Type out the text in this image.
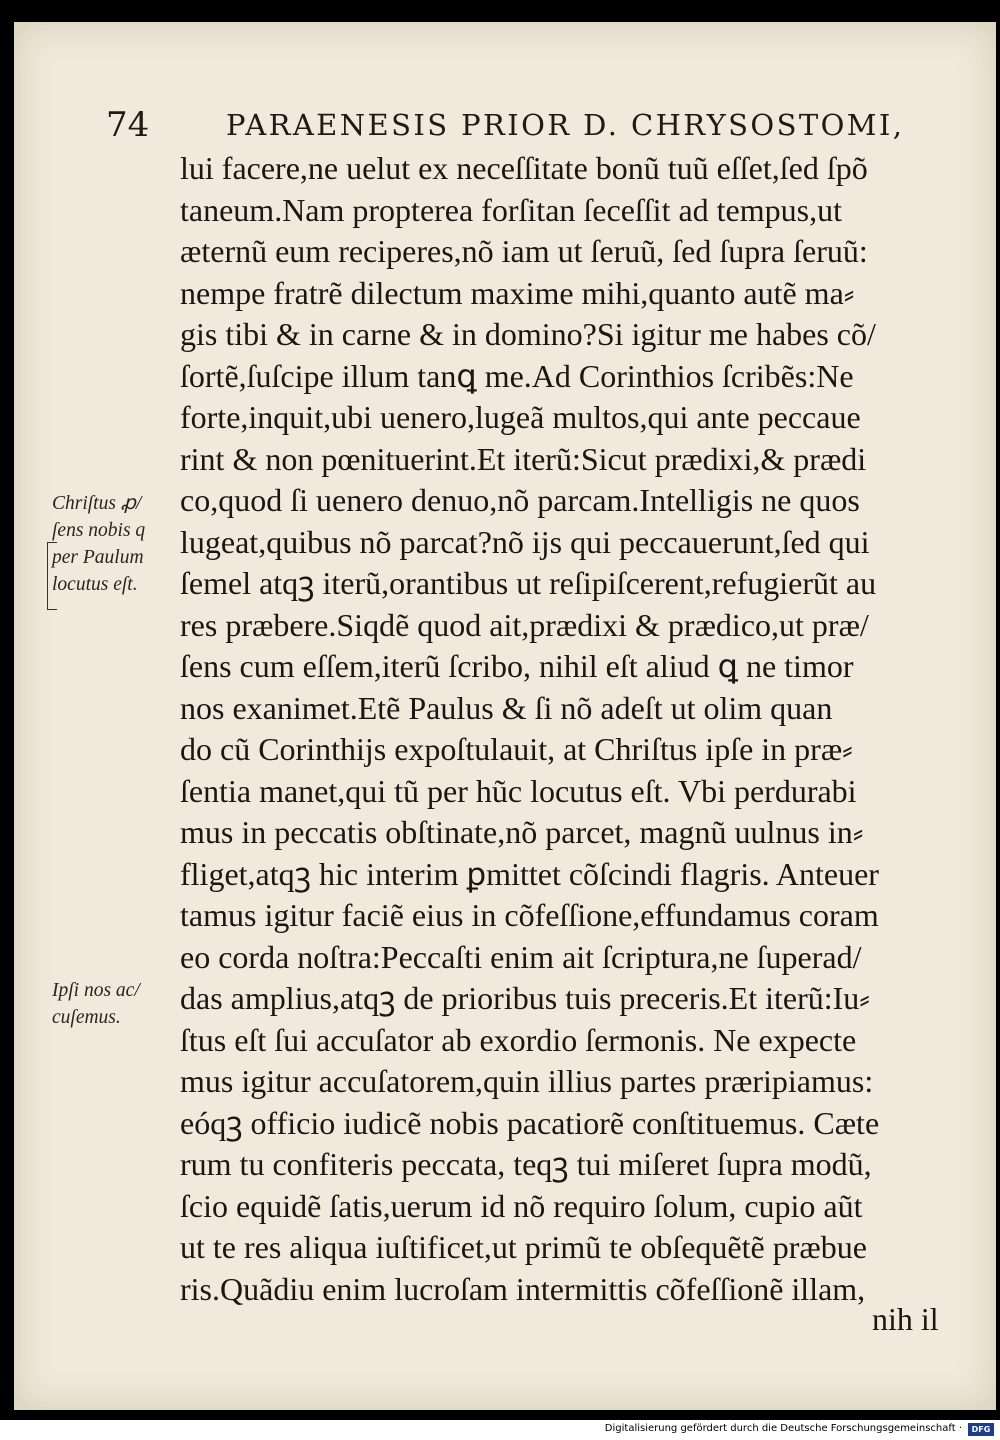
74	PARAENESIS PRIOR D. CHRYSOSTOMI,
Chriſtus ꝓ/
ſens nobis q
per Paulum
locutus eſt.
Ipſi nos ac/
cuſemus.
lui facere,ne uelut ex neceſſitate bonũ tuũ eſſet,ſed ſpõ
taneum.Nam propterea forſitan ſeceſſit ad tempus,ut
æternũ eum reciperes,nõ iam ut ſeruũ, ſed ſupra ſeruũ:
nempe fratrẽ dilectum maxime mihi,quanto autẽ ma⸗
gis tibi & in carne & in domino?Si igitur me habes cõ/
ſortẽ,ſuſcipe illum tanꝗ me.Ad Corinthios ſcribẽs:Ne
forte,inquit,ubi uenero,lugeã multos,qui ante peccaue
rint & non pœnituerint.Et iterũ:Sicut prædixi,& prædi
co,quod ſi uenero denuo,nõ parcam.Intelligis ne quos
lugeat,quibus nõ parcat?nõ ijs qui peccauerunt,ſed qui
ſemel atqꝫ iterũ,orantibus ut reſipiſcerent,refugierũt au
res præbere.Siqdẽ quod ait,prædixi & prædico,ut præ/
ſens cum eſſem,iterũ ſcribo, nihil eſt aliud ꝗ ne timor
nos exanimet.Etẽ Paulus & ſi nõ adeſt ut olim quan
do cũ Corinthijs expoſtulauit, at Chriſtus ipſe in præ⸗
ſentia manet,qui tũ per hũc locutus eſt. Vbi perdurabi
mus in peccatis obſtinate,nõ parcet, magnũ uulnus in⸗
fliget,atqꝫ hic interim ꝑmittet cõſcindi flagris. Anteuer
tamus igitur faciẽ eius in cõfeſſione,effundamus coram
eo corda noſtra:Peccaſti enim ait ſcriptura,ne ſuperad/
das amplius,atqꝫ de prioribus tuis preceris.Et iterũ:Iu⸗
ſtus eſt ſui accuſator ab exordio ſermonis. Ne expecte
mus igitur accuſatorem,quin illius partes præripiamus:
eóqꝫ officio iudicẽ nobis pacatiorẽ conſtituemus. Cæte
rum tu confiteris peccata, teqꝫ tui miſeret ſupra modũ,
ſcio equidẽ ſatis,uerum id nõ requiro ſolum, cupio aũt
ut te res aliqua iuſtificet,ut primũ te obſequẽtẽ præbue
ris.Quãdiu enim lucroſam intermittis cõfeſſionẽ illam,
nih il
Digitalisierung gefördert durch die Deutsche Forschungsgemeinschaft ·	DFG
